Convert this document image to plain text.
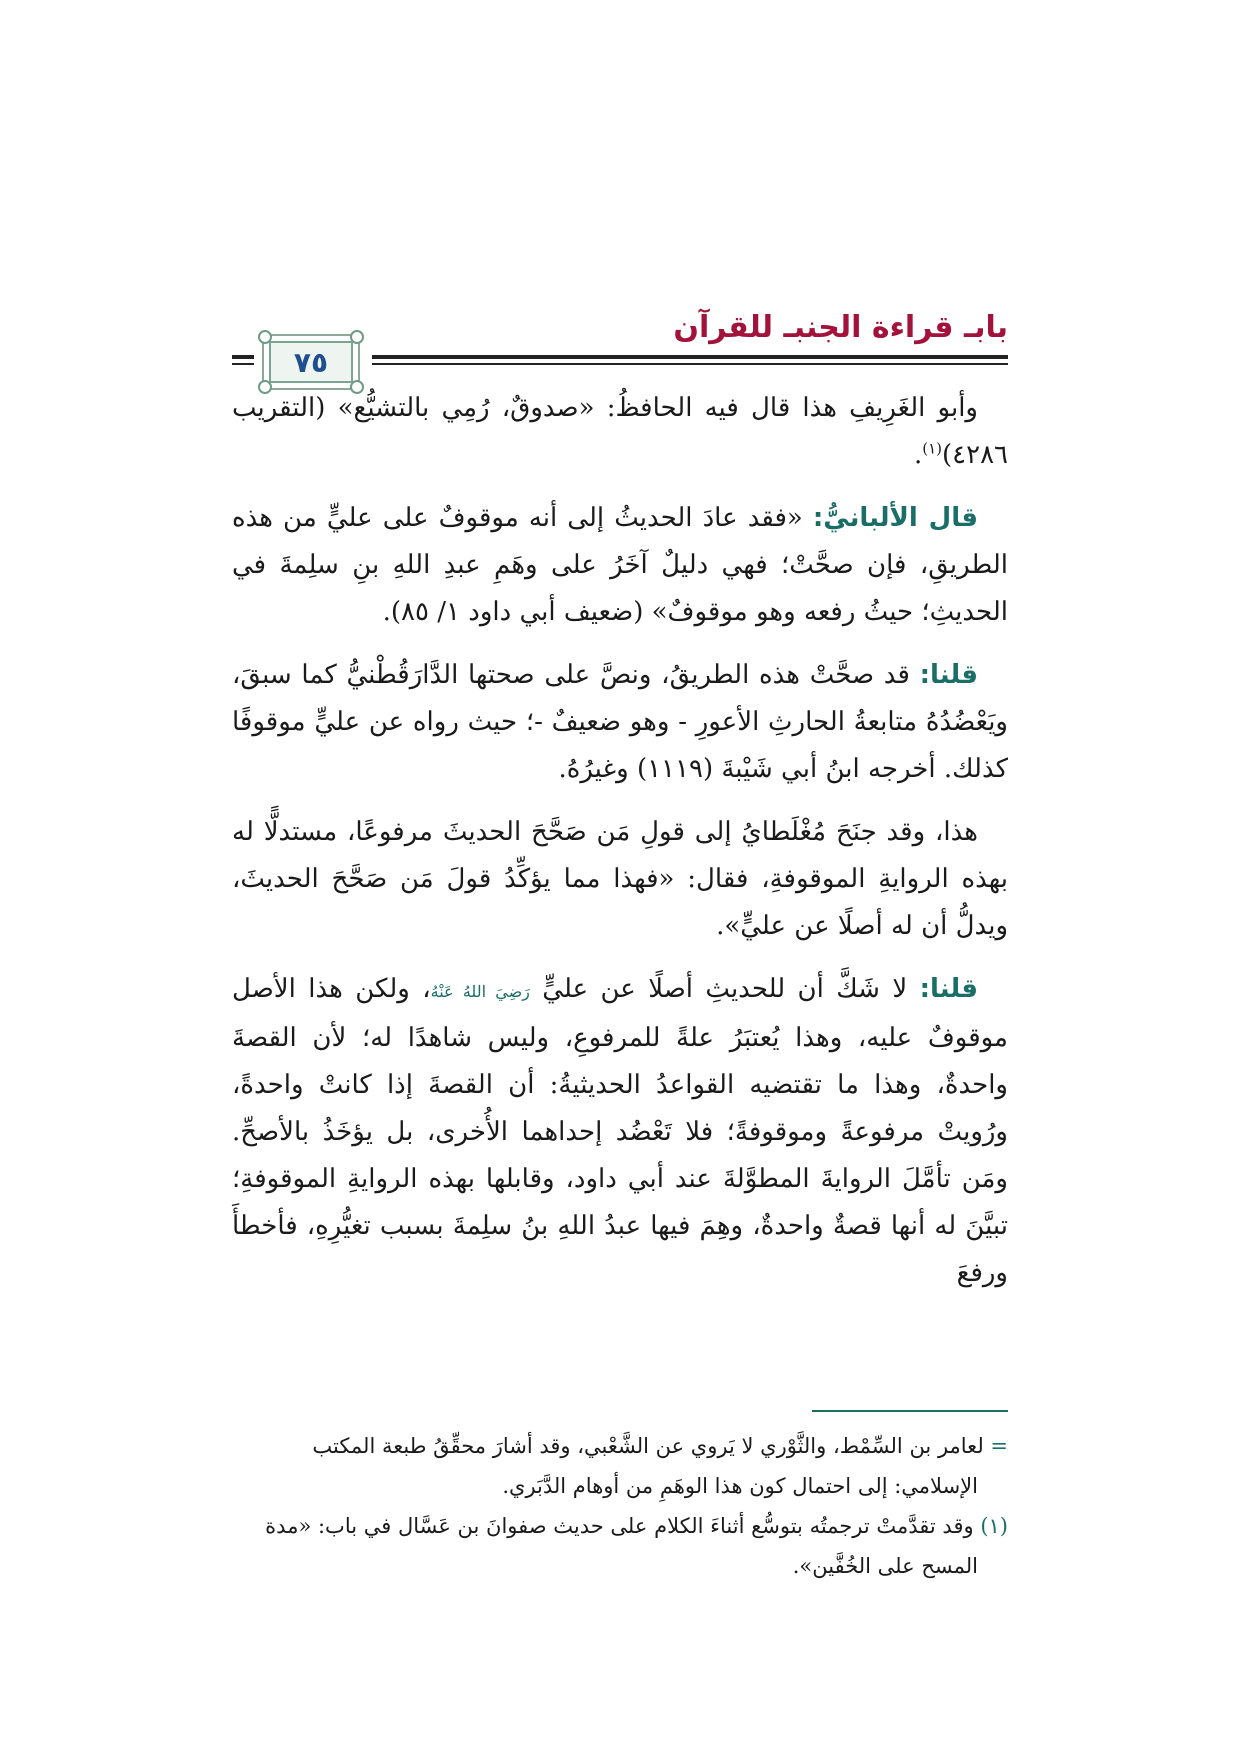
بابـ قراءة الجنبـ للقرآن
٧٥

وأبو الغَرِيفِ هذا قال فيه الحافظُ: «صدوقٌ، رُمِي بالتشيُّع» (التقريب ٤٢٨٦)$^{(١)}$.

قال الألبانيُّ: «فقد عادَ الحديثُ إلى أنه موقوفٌ على عليٍّ من هذه الطريقِ، فإن صحَّتْ؛ فهي دليلٌ آخَرُ على وهَمِ عبدِ اللهِ بنِ سلِمةَ في الحديثِ؛ حيثُ رفعه وهو موقوفٌ» (ضعيف أبي داود ١/ ٨٥).

قلنا: قد صحَّتْ هذه الطريقُ، ونصَّ على صحتها الدَّارَقُطْنيُّ كما سبقَ، ويَعْضُدُهُ متابعةُ الحارثِ الأعورِ - وهو ضعيفٌ -؛ حيث رواه عن عليٍّ موقوفًا كذلك. أخرجه ابنُ أبي شَيْبةَ (١١١٩) وغيرُهُ.

هذا، وقد جنَحَ مُغْلَطايُ إلى قولِ مَن صَحَّحَ الحديثَ مرفوعًا، مستدلًّا له بهذه الروايةِ الموقوفةِ، فقال: «فهذا مما يؤكِّدُ قولَ مَن صَحَّحَ الحديثَ، ويدلُّ أن له أصلًا عن عليٍّ».

قلنا: لا شَكَّ أن للحديثِ أصلًا عن عليٍّ رَضِيَ اللهُ عَنْهُ، ولكن هذا الأصل موقوفٌ عليه، وهذا يُعتبَرُ علةً للمرفوعِ، وليس شاهدًا له؛ لأن القصةَ واحدةٌ، وهذا ما تقتضيه القواعدُ الحديثيةُ: أن القصةَ إذا كانتْ واحدةً، ورُويتْ مرفوعةً وموقوفةً؛ فلا تَعْضُد إحداهما الأُخرى، بل يؤخَذُ بالأصحِّ. ومَن تأمَّلَ الروايةَ المطوَّلةَ عند أبي داود، وقابلها بهذه الروايةِ الموقوفةِ؛ تبيَّنَ له أنها قصةٌ واحدةٌ، وهِمَ فيها عبدُ اللهِ بنُ سلِمةَ بسبب تغيُّرِهِ، فأخطأَ ورفعَ

= لعامر بن السِّمْط، والثَّوْري لا يَروي عن الشَّعْبي، وقد أشارَ محقِّقُ طبعة المكتب

الإسلامي: إلى احتمال كون هذا الوهَمِ من أوهام الدَّبَري.

(١) وقد تقدَّمتْ ترجمتُه بتوسُّع أثناءَ الكلام على حديث صفوانَ بن عَسَّال في باب: «مدة

المسح على الخُفَّين».
